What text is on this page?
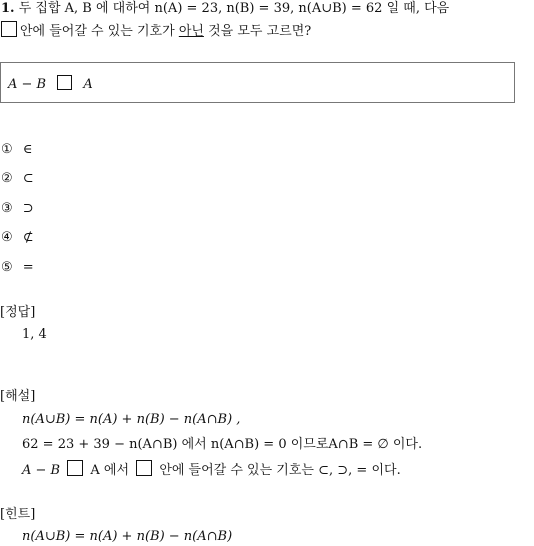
1. 두 집합 A, B 에 대하여 n(A) = 23, n(B) = 39, n(A∪B) = 62 일 때, 다음
안에 들어갈 수 있는 기호가 아닌 것을 모두 고르면?
A − B	A
① ∈
② ⊂
③ ⊃
④ ⊄
⑤ =
[정답]
1, 4
[해설]
n(A∪B) = n(A) + n(B) − n(A∩B) ,
62 = 23 + 39 − n(A∩B) 에서 n(A∩B) = 0 이므로A∩B = ∅ 이다.
A − B A 에서 안에 들어갈 수 있는 기호는 ⊂, ⊃, = 이다.
[힌트]
n(A∪B) = n(A) + n(B) − n(A∩B)
